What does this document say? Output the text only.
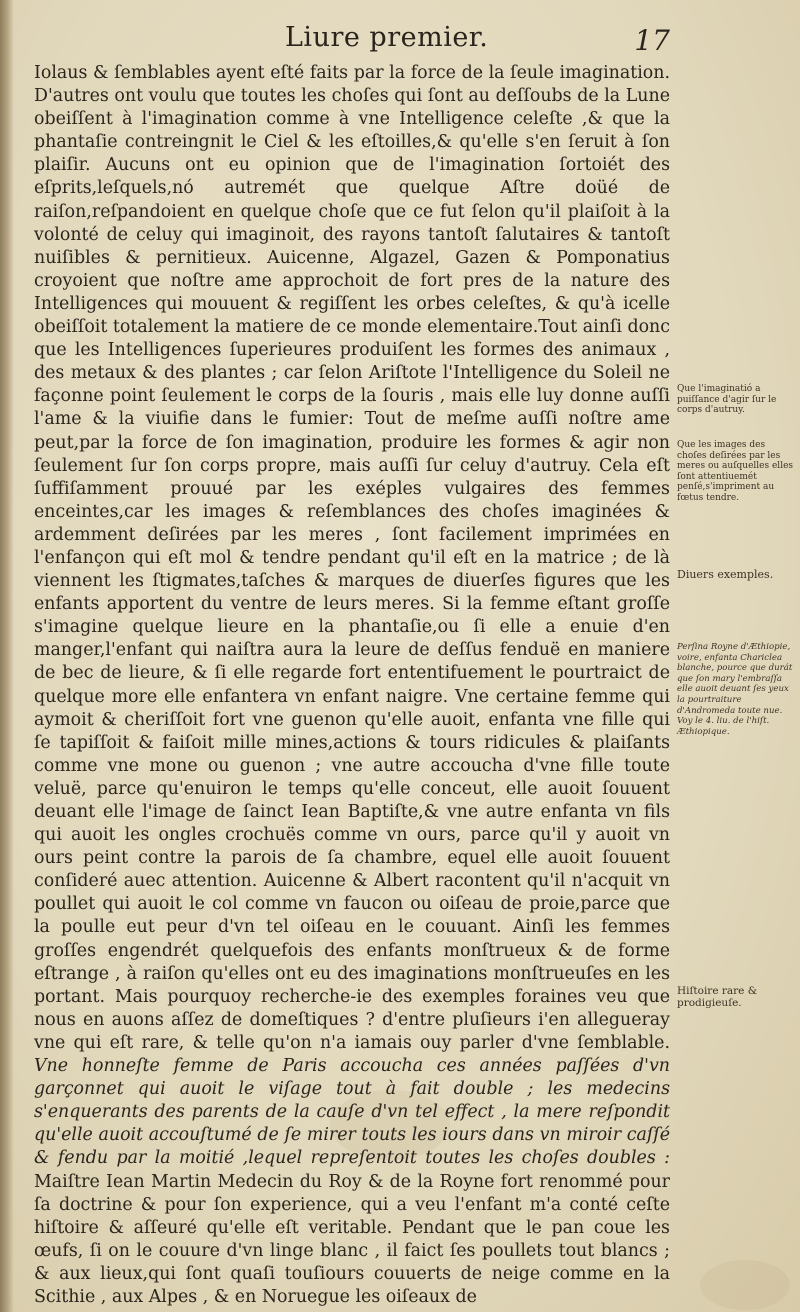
Liure premier.	17

Iolaus & ſemblables ayent eſté faits par la force de la ſeule imagination. D'autres ont voulu que toutes les choſes qui ſont au deſſoubs de la Lune obeiſſent à l'imagination comme à vne Intelligence celeſte ,& que la phantaſie contreingnit le Ciel & les eſtoilles,& qu'elle s'en ſeruit à ſon plaiſir. Aucuns ont eu opinion que de l'imagination ſortoiét des eſprits,leſquels,nó autremét que quelque Aſtre doüé de raiſon,reſpandoient en quelque choſe que ce fut ſelon qu'il plaiſoit à la volonté de celuy qui imaginoit, des rayons tantoſt ſalutaires & tantoſt nuiſibles & pernitieux. Auicenne, Algazel, Gazen & Pomponatius croyoient que noſtre ame approchoit de fort pres de la nature des Intelligences qui mouuent & regiſſent les orbes celeſtes, & qu'à icelle obeiſſoit totalement la matiere de ce monde elementaire.Tout ainſi donc que les Intelligences ſuperieures produiſent les formes des animaux , des metaux & des plantes ; car ſelon Ariſtote l'Intelligence du Soleil ne façonne point ſeulement le corps de la ſouris , mais elle luy donne auſſi l'ame & la viuifie dans le fumier: Tout de meſme auſſi noſtre ame peut,par la force de ſon imagination, produire les formes & agir non ſeulement ſur ſon corps propre, mais auſſi ſur celuy d'autruy. Cela eſt ſuffiſamment prouué par les exéples vulgaires des femmes enceintes,car les images & reſemblances des choſes imaginées & ardemment deſirées par les meres , ſont facilement imprimées en l'enfançon qui eſt mol & tendre pendant qu'il eſt en la matrice ; de là viennent les ſtigmates,taſches & marques de diuerſes figures que les enfants apportent du ventre de leurs meres. Si la femme eſtant groſſe s'imagine quelque lieure en la phantaſie,ou ſi elle a enuie d'en manger,l'enfant qui naiſtra aura la leure de deſſus fenduë en maniere de bec de lieure, & ſi elle regarde fort ententifuement le pourtraict de quelque more elle enfantera vn enfant naigre. Vne certaine femme qui aymoit & cheriſſoit fort vne guenon qu'elle auoit, enfanta vne fille qui ſe tapiſſoit & faiſoit mille mines,actions & tours ridicules & plaiſants comme vne mone ou guenon ; vne autre accoucha d'vne fille toute veluë, parce qu'enuiron le temps qu'elle conceut, elle auoit ſouuent deuant elle l'image de ſainct Iean Baptiſte,& vne autre enfanta vn fils qui auoit les ongles crochuës comme vn ours, parce qu'il y auoit vn ours peint contre la parois de ſa chambre, equel elle auoit ſouuent conſideré auec attention. Auicenne & Albert racontent qu'il n'acquit vn poullet qui auoit le col comme vn faucon ou oiſeau de proie,parce que la poulle eut peur d'vn tel oiſeau en le couuant. Ainſi les femmes groſſes engendrét quelquefois des enfants monſtrueux & de forme eſtrange , à raiſon qu'elles ont eu des imaginations monſtrueuſes en les portant. Mais pourquoy recherche-ie des exemples foraines veu que nous en auons aſſez de domeſtiques ? d'entre pluſieurs i'en allegueray vne qui eſt rare, & telle qu'on n'a iamais ouy parler d'vne ſemblable. Vne honneſte femme de Paris accoucha ces années paſſées d'vn garçonnet qui auoit le viſage tout à fait double ; les medecins s'enquerants des parents de la cauſe d'vn tel effect , la mere reſpondit qu'elle auoit accouſtumé de ſe mirer touts les iours dans vn miroir caſſé & fendu par la moitié ,lequel repreſentoit toutes les choſes doubles : Maiſtre Iean Martin Medecin du Roy & de la Royne fort renommé pour ſa doctrine & pour ſon experience, qui a veu l'enfant m'a conté ceſte hiſtoire & aſſeuré qu'elle eſt veritable. Pendant que le pan coue les œufs, ſi on le couure d'vn linge blanc , il faict ſes poullets tout blancs ; & aux lieux,qui ſont quaſi touſiours couuerts de neige comme en la Scithie , aux Alpes , & en Noruegue les oiſeaux de

Que l'imaginatió a puiſſance d'agir ſur le corps d'autruy.
Que les images des choſes deſirées par les meres ou auſquelles elles ſont attentiuemét penſé,s'impriment au fœtus tendre.
Diuers exemples.
Perſina Royne d'Æthiopie, voire, enfanta Chariclea blanche, pource que durát que ſon mary l'embraſſa elle auoit deuant ſes yeux la pourtraiture d'Andromeda toute nue. Voy le 4. liu. de l'hiſt. Æthiopique.
Hiſtoire rare & prodigieuſe.
